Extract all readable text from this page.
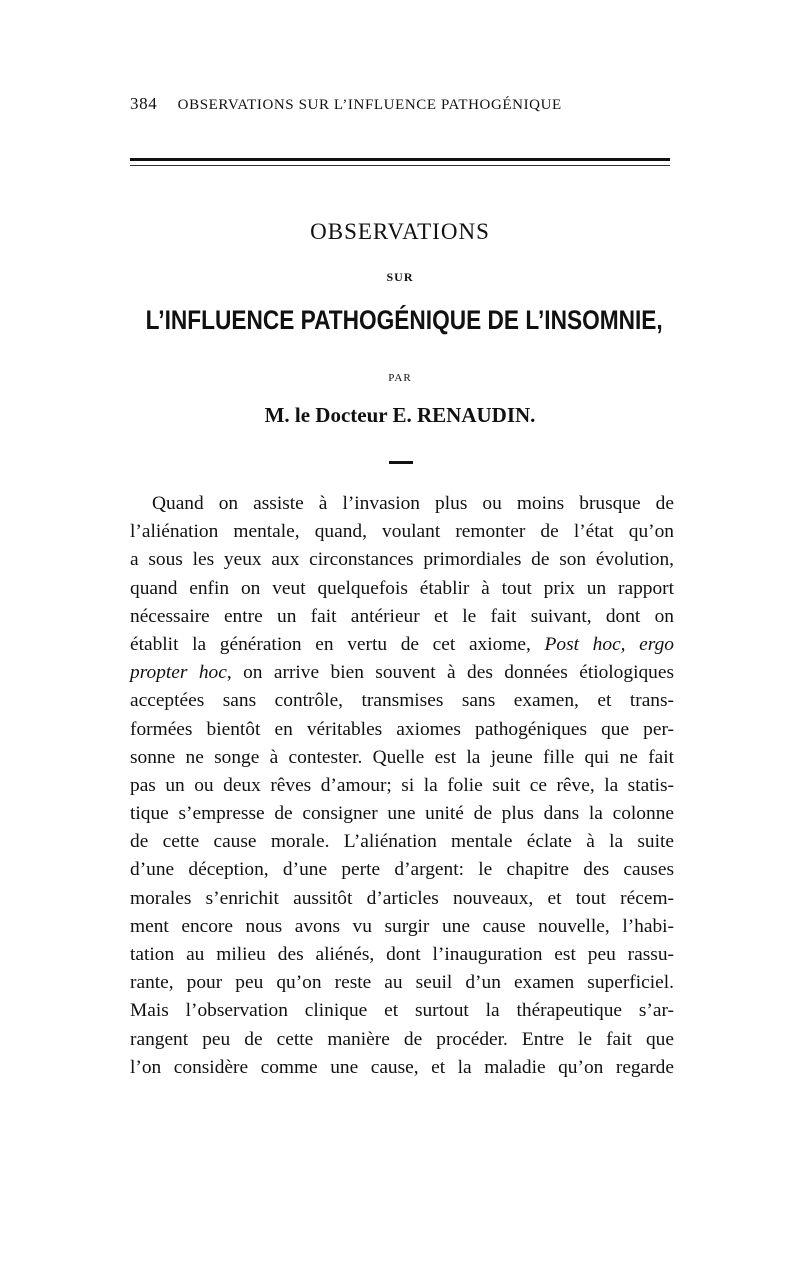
384 OBSERVATIONS SUR L’INFLUENCE PATHOGÉNIQUE
OBSERVATIONS
SUR
L’INFLUENCE PATHOGÉNIQUE DE L’INSOMNIE,
PAR
M. le Docteur E. RENAUDIN.
Quand on assiste à l’invasion plus ou moins brusque de
l’aliénation mentale, quand, voulant remonter de l’état qu’on
a sous les yeux aux circonstances primordiales de son évolution,
quand enfin on veut quelquefois établir à tout prix un rapport
nécessaire entre un fait antérieur et le fait suivant, dont on
établit la génération en vertu de cet axiome, Post hoc, ergo
propter hoc, on arrive bien souvent à des données étiologiques
acceptées sans contrôle, transmises sans examen, et trans-
formées bientôt en véritables axiomes pathogéniques que per-
sonne ne songe à contester. Quelle est la jeune fille qui ne fait
pas un ou deux rêves d’amour; si la folie suit ce rêve, la statis-
tique s’empresse de consigner une unité de plus dans la colonne
de cette cause morale. L’aliénation mentale éclate à la suite
d’une déception, d’une perte d’argent: le chapitre des causes
morales s’enrichit aussitôt d’articles nouveaux, et tout récem-
ment encore nous avons vu surgir une cause nouvelle, l’habi-
tation au milieu des aliénés, dont l’inauguration est peu rassu-
rante, pour peu qu’on reste au seuil d’un examen superficiel.
Mais l’observation clinique et surtout la thérapeutique s’ar-
rangent peu de cette manière de procéder. Entre le fait que
l’on considère comme une cause, et la maladie qu’on regarde
